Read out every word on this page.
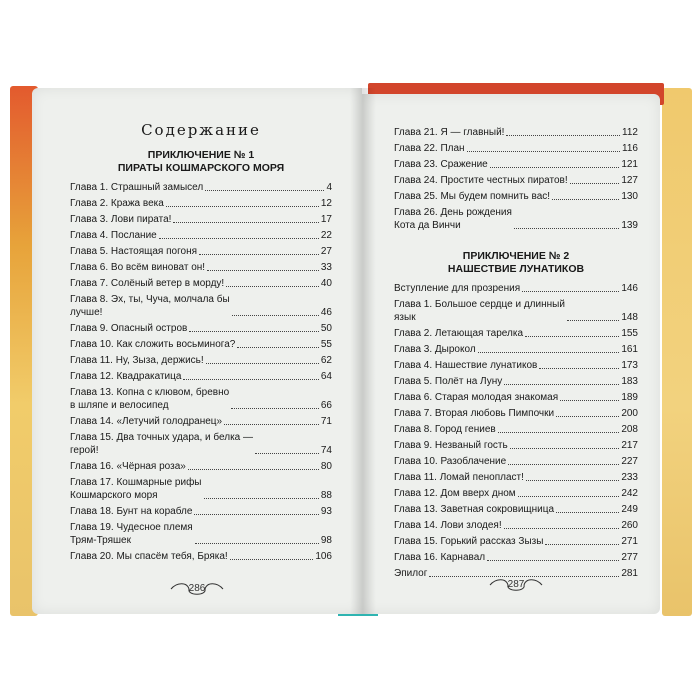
Содержание
ПРИКЛЮЧЕНИЕ № 1
ПИРАТЫ КОШМАРСКОГО МОРЯ
Глава 1. Страшный замысел	4
Глава 2. Кража века	12
Глава 3. Лови пирата!	17
Глава 4. Послание	22
Глава 5. Настоящая погоня	27
Глава 6. Во всём виноват он!	33
Глава 7. Солёный ветер в морду!	40
Глава 8. Эх, ты, Чуча, молчала бы
лучше!	46
Глава 9. Опасный остров	50
Глава 10. Как сложить восьминога?	55
Глава 11. Ну, Зыза, держись!	62
Глава 12. Квадракатица	64
Глава 13. Копна с клювом, бревно
в шляпе и велосипед	66
Глава 14. «Летучий голодранец»	71
Глава 15. Два точных удара, и белка —
герой!	74
Глава 16. «Чёрная роза»	80
Глава 17. Кошмарные рифы
Кошмарского моря	88
Глава 18. Бунт на корабле	93
Глава 19. Чудесное племя
Трям-Тряшек	98
Глава 20. Мы спасём тебя, Бряка!	106
Глава 21. Я — главный!	112
Глава 22. План	116
Глава 23. Сражение	121
Глава 24. Простите честных пиратов!	127
Глава 25. Мы будем помнить вас!	130
Глава 26. День рождения
Кота да Винчи	139
ПРИКЛЮЧЕНИЕ № 2
НАШЕСТВИЕ ЛУНАТИКОВ
Вступление для прозрения	146
Глава 1. Большое сердце и длинный
язык	148
Глава 2. Летающая тарелка	155
Глава 3. Дырокол	161
Глава 4. Нашествие лунатиков	173
Глава 5. Полёт на Луну	183
Глава 6. Старая молодая знакомая	189
Глава 7. Вторая любовь Пимпочки	200
Глава 8. Город гениев	208
Глава 9. Незваный гость	217
Глава 10. Разоблачение	227
Глава 11. Ломай пенопласт!	233
Глава 12. Дом вверх дном	242
Глава 13. Заветная сокровищница	249
Глава 14. Лови злодея!	260
Глава 15. Горький рассказ Зызы	271
Глава 16. Карнавал	277
Эпилог	281
286	287
